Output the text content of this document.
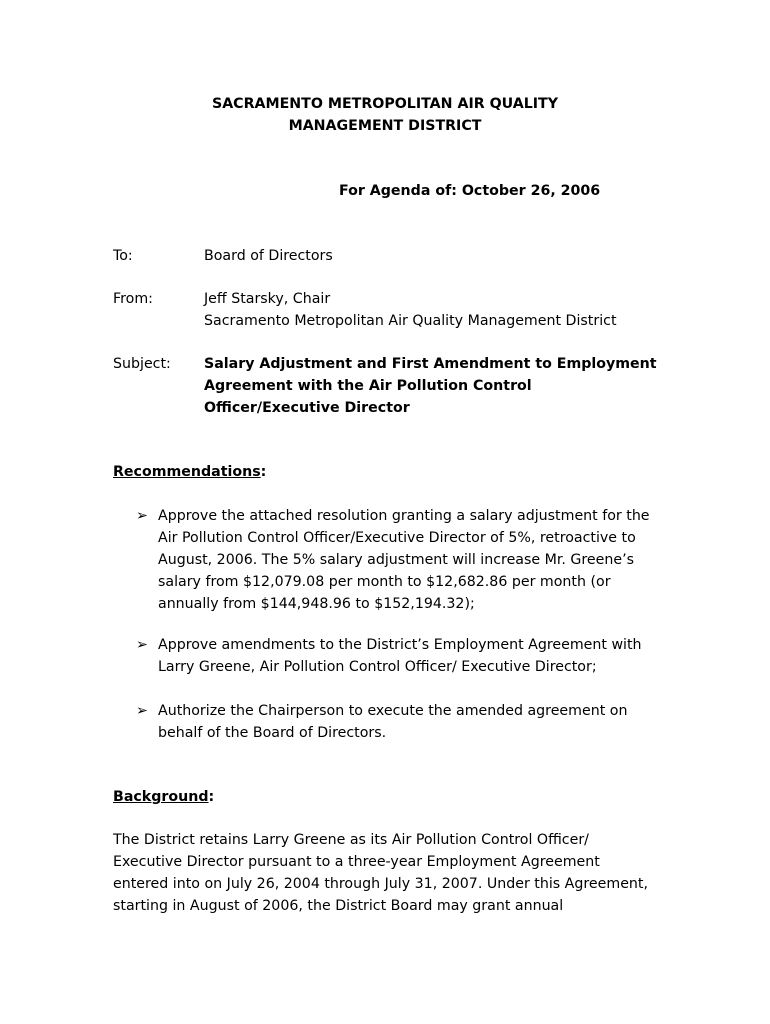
SACRAMENTO METROPOLITAN AIR QUALITY
MANAGEMENT DISTRICT
For Agenda of: October 26, 2006
To:	Board of Directors
From:	Jeff Starsky, Chair
Sacramento Metropolitan Air Quality Management District
Subject: Salary Adjustment and First Amendment to Employment Agreement with the Air Pollution Control Officer/Executive Director
Recommendations:
➢ Approve the attached resolution granting a salary adjustment for the Air Pollution Control Officer/Executive Director of 5%, retroactive to August, 2006. The 5% salary adjustment will increase Mr. Greene’s salary from $12,079.08 per month to $12,682.86 per month (or annually from $144,948.96 to $152,194.32);
➢ Approve amendments to the District’s Employment Agreement with Larry Greene, Air Pollution Control Officer/ Executive Director;
➢ Authorize the Chairperson to execute the amended agreement on behalf of the Board of Directors.
Background:
The District retains Larry Greene as its Air Pollution Control Officer/ Executive Director pursuant to a three-year Employment Agreement entered into on July 26, 2004 through July 31, 2007. Under this Agreement, starting in August of 2006, the District Board may grant annual
